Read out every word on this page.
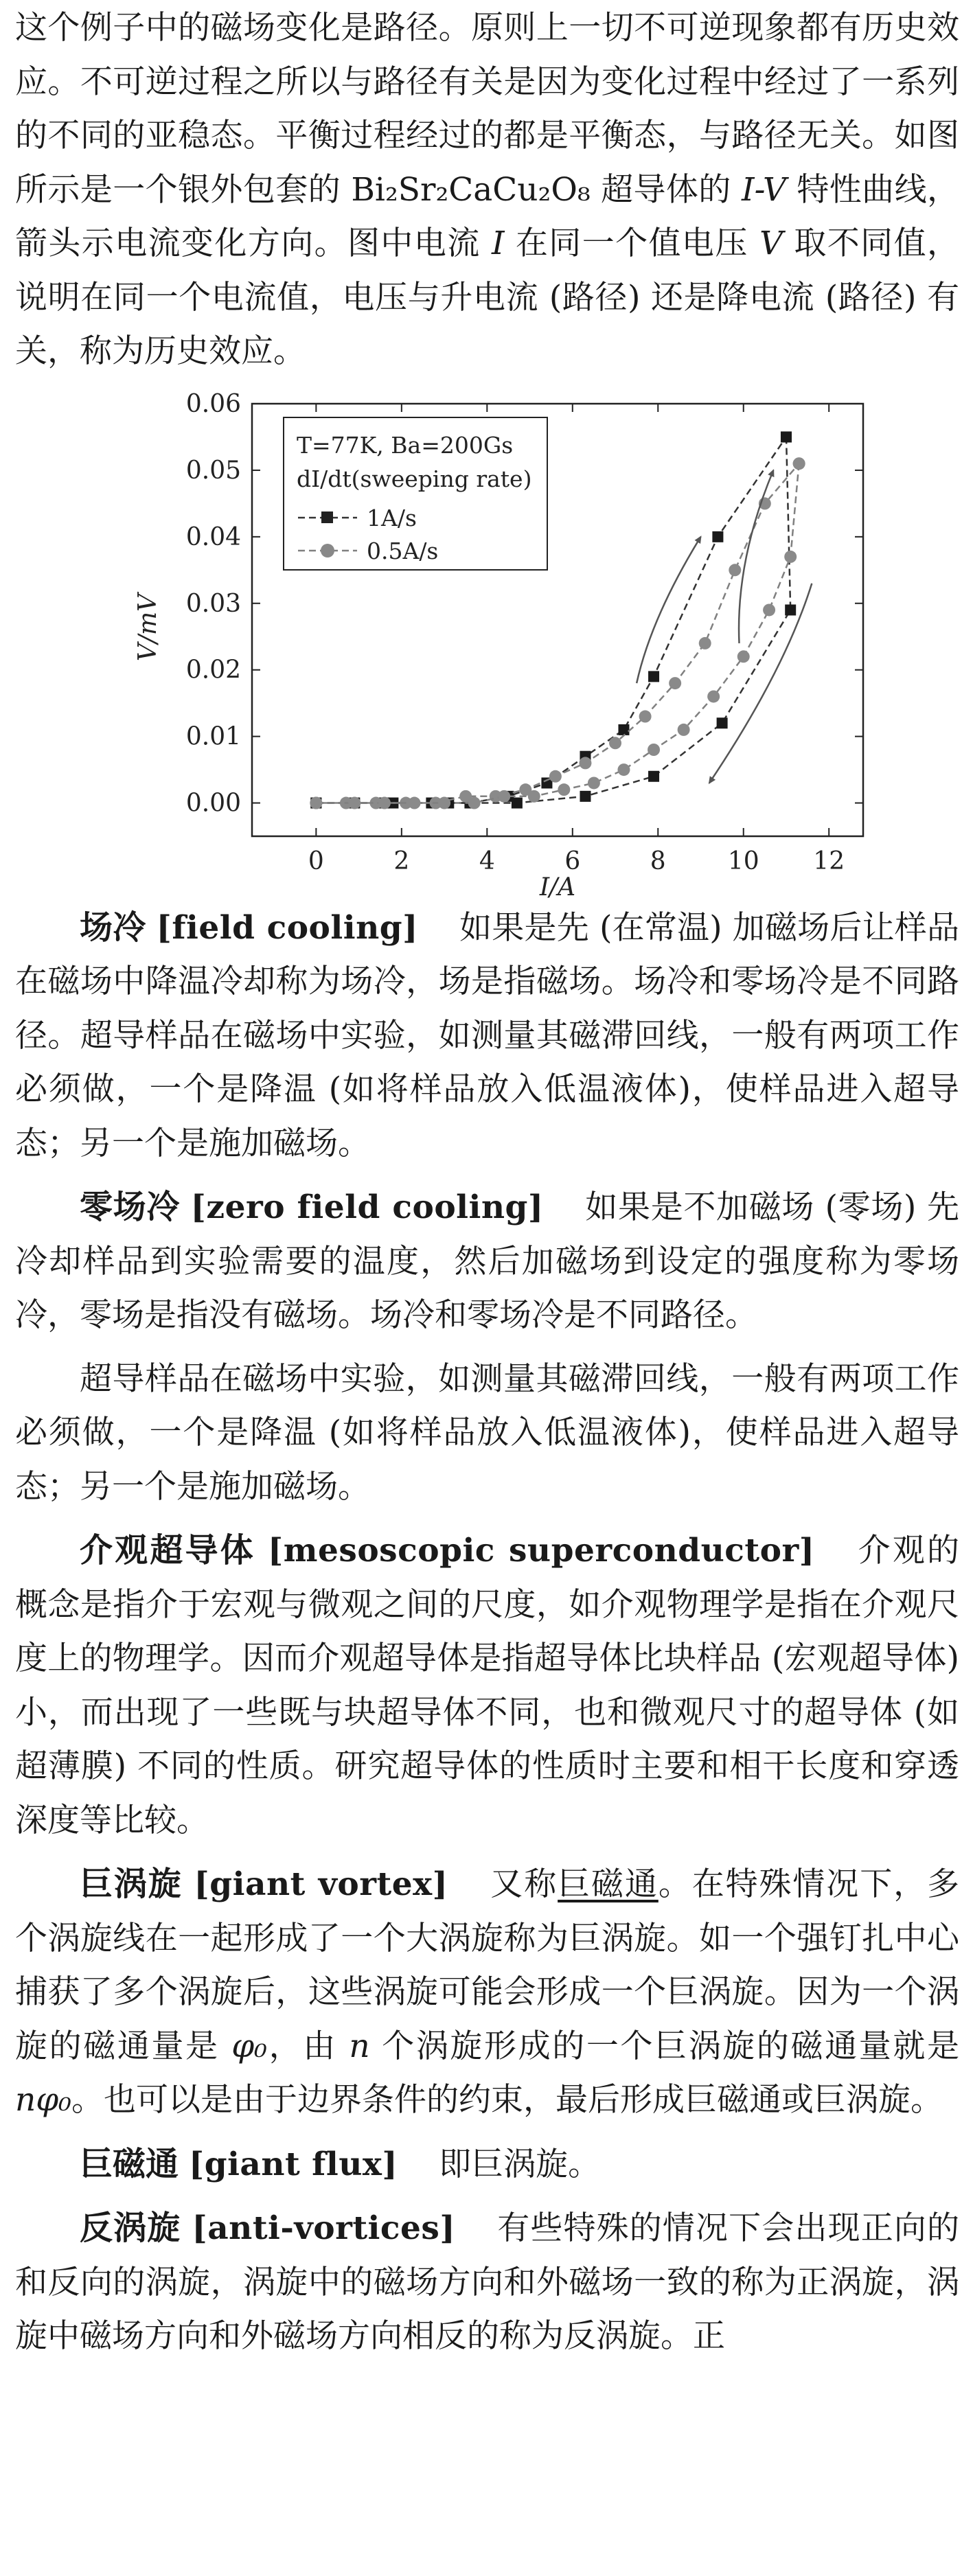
这个例子中的磁场变化是路径。原则上一切不可逆现象都有历史效应。不可逆过程之所以与路径有关是因为变化过程中经过了一系列的不同的亚稳态。平衡过程经过的都是平衡态，与路径无关。如图所示是一个银外包套的 Bi₂Sr₂CaCu₂O₈ 超导体的 I-V 特性曲线，箭头示电流变化方向。图中电流 I 在同一个值电压 V 取不同值，说明在同一个电流值，电压与升电流 (路径) 还是降电流 (路径) 有关，称为历史效应。

0	2	4	6	8	10 12
0.00
0.01
0.02
0.03
0.04
0.05
0.06
T=77K, Ba=200Gs
dI/dt(sweeping rate)
1A/s
0.5A/s
V/mV
I/A

场冷 [field cooling] 如果是先 (在常温) 加磁场后让样品在磁场中降温冷却称为场冷，场是指磁场。场冷和零场冷是不同路径。超导样品在磁场中实验，如测量其磁滞回线，一般有两项工作必须做，一个是降温 (如将样品放入低温液体)，使样品进入超导态；另一个是施加磁场。

零场冷 [zero field cooling] 如果是不加磁场 (零场) 先冷却样品到实验需要的温度，然后加磁场到设定的强度称为零场冷，零场是指没有磁场。场冷和零场冷是不同路径。

超导样品在磁场中实验，如测量其磁滞回线，一般有两项工作必须做，一个是降温 (如将样品放入低温液体)，使样品进入超导态；另一个是施加磁场。

介观超导体 [mesoscopic superconductor] 介观的概念是指介于宏观与微观之间的尺度，如介观物理学是指在介观尺度上的物理学。因而介观超导体是指超导体比块样品 (宏观超导体) 小，而出现了一些既与块超导体不同，也和微观尺寸的超导体 (如超薄膜) 不同的性质。研究超导体的性质时主要和相干长度和穿透深度等比较。

巨涡旋 [giant vortex] 又称巨磁通。在特殊情况下，多个涡旋线在一起形成了一个大涡旋称为巨涡旋。如一个强钉扎中心捕获了多个涡旋后，这些涡旋可能会形成一个巨涡旋。因为一个涡旋的磁通量是 φ₀，由 n 个涡旋形成的一个巨涡旋的磁通量就是 nφ₀。也可以是由于边界条件的约束，最后形成巨磁通或巨涡旋。

巨磁通 [giant flux] 即巨涡旋。

反涡旋 [anti-vortices] 有些特殊的情况下会出现正向的和反向的涡旋，涡旋中的磁场方向和外磁场一致的称为正涡旋，涡旋中磁场方向和外磁场方向相反的称为反涡旋。正
